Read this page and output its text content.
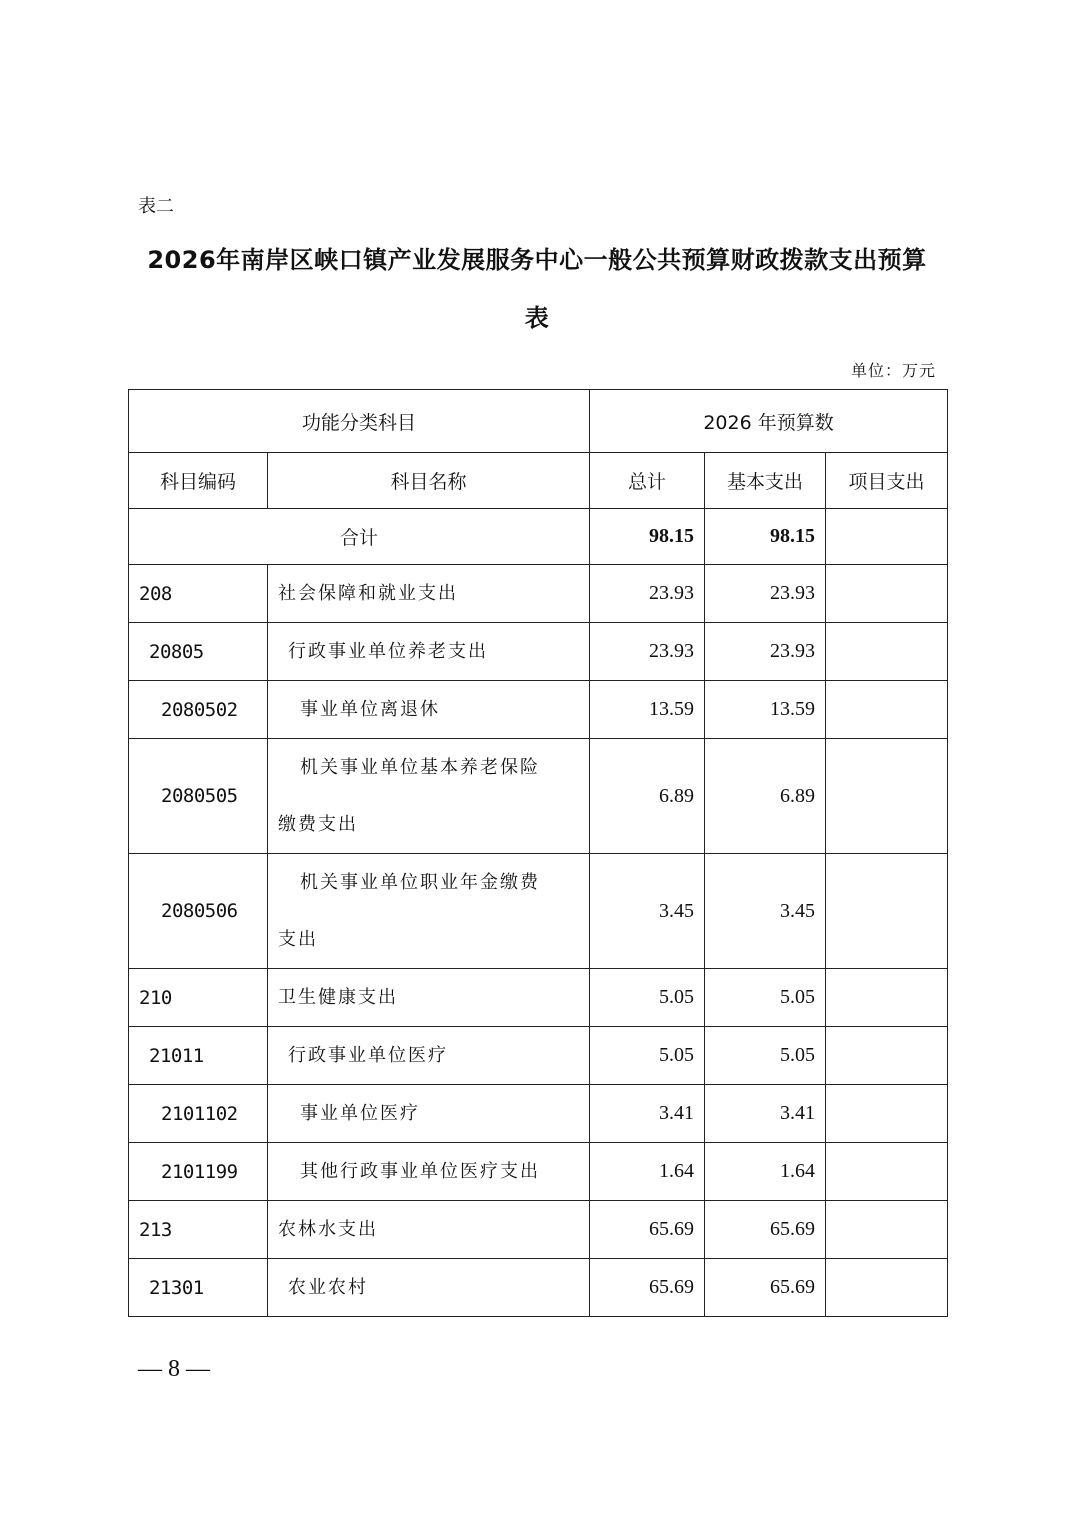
表二
2026年南岸区峡口镇产业发展服务中心一般公共预算财政拨款支出预算
表
单位：万元
功能分类科目		2026 年预算数		
科目编码	科目名称	总计	基本支出	项目支出
合计		98.15	98.15	
208	社会保障和就业支出	23.93	23.93	
20805	行政事业单位养老支出	23.93	23.93	
2080502	事业单位离退休	13.59	13.59	
2080505	机关事业单位基本养老保险
缴费支出	6.89	6.89	
2080506	机关事业单位职业年金缴费
支出	3.45	3.45	
210	卫生健康支出	5.05	5.05	
21011	行政事业单位医疗	5.05	5.05	
2101102	事业单位医疗	3.41	3.41	
2101199	其他行政事业单位医疗支出	1.64	1.64	
213	农林水支出	65.69	65.69	
21301	农业农村	65.69	65.69	
— 8 —
